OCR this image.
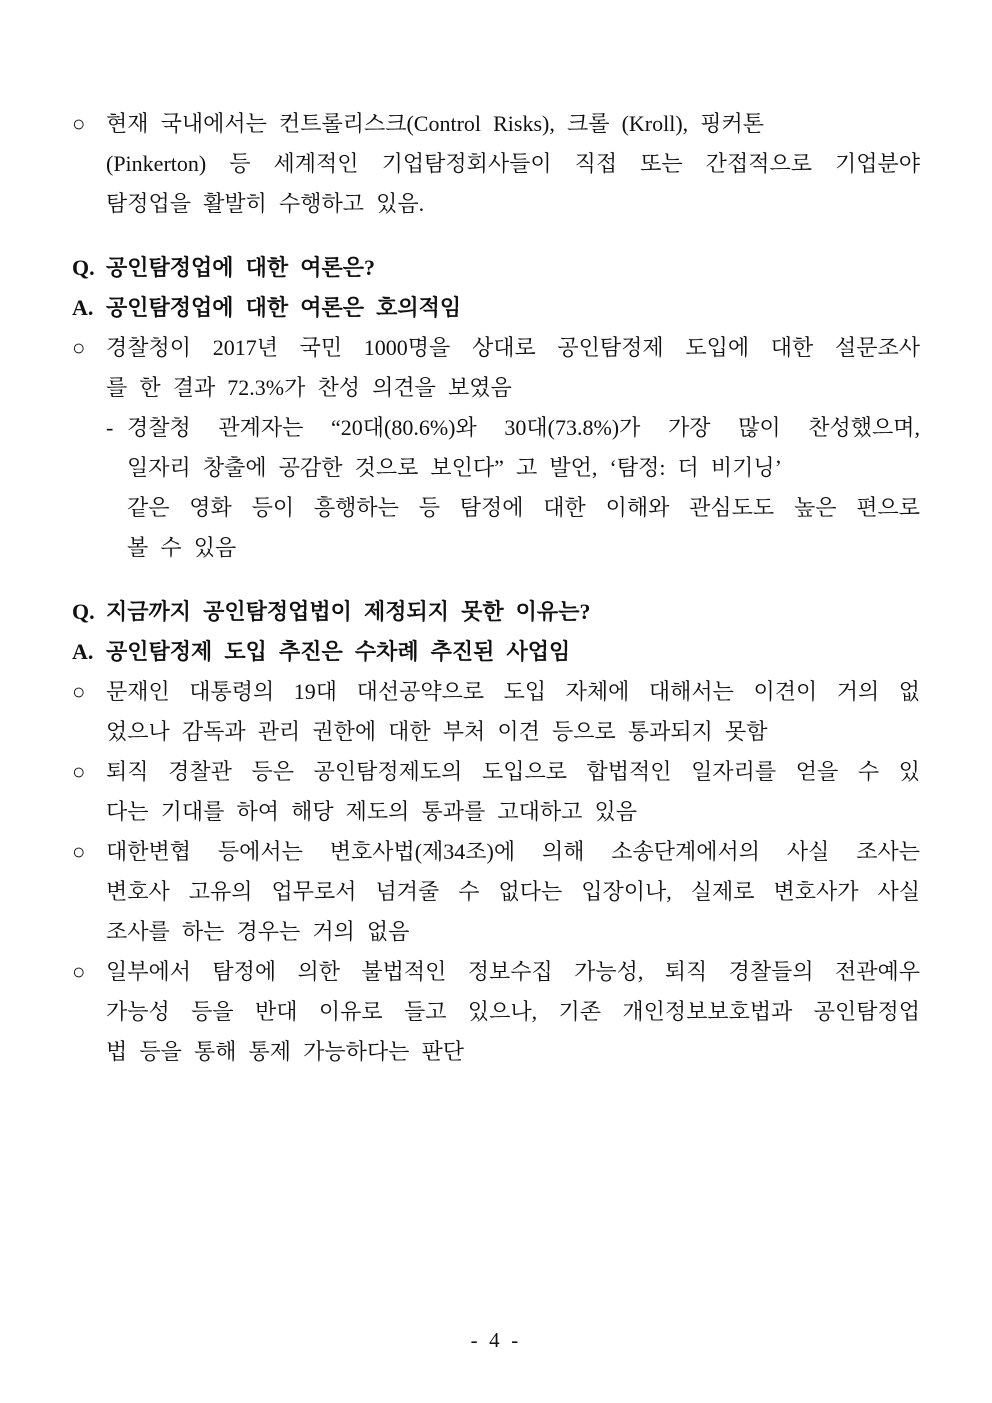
○ 현재 국내에서는 컨트롤리스크(Control Risks), 크롤 (Kroll), 핑커톤
(Pinkerton) 등 세계적인 기업탐정회사들이 직접 또는 간접적으로 기업분야
탐정업을 활발히 수행하고 있음.
Q. 공인탐정업에 대한 여론은?
A. 공인탐정업에 대한 여론은 호의적임
○ 경찰청이 2017년 국민 1000명을 상대로 공인탐정제 도입에 대한 설문조사
를 한 결과 72.3%가 찬성 의견을 보였음
- 경찰청 관계자는 “20대(80.6%)와 30대(73.8%)가 가장 많이 찬성했으며,
일자리 창출에 공감한 것으로 보인다” 고 발언, ‘탐정: 더 비기닝’
같은 영화 등이 흥행하는 등 탐정에 대한 이해와 관심도도 높은 편으로
볼 수 있음
Q. 지금까지 공인탐정업법이 제정되지 못한 이유는?
A. 공인탐정제 도입 추진은 수차례 추진된 사업임
○ 문재인 대통령의 19대 대선공약으로 도입 자체에 대해서는 이견이 거의 없
었으나 감독과 관리 권한에 대한 부처 이견 등으로 통과되지 못함
○ 퇴직 경찰관 등은 공인탐정제도의 도입으로 합법적인 일자리를 얻을 수 있
다는 기대를 하여 해당 제도의 통과를 고대하고 있음
○ 대한변협 등에서는 변호사법(제34조)에 의해 소송단계에서의 사실 조사는
변호사 고유의 업무로서 넘겨줄 수 없다는 입장이나, 실제로 변호사가 사실
조사를 하는 경우는 거의 없음
○ 일부에서 탐정에 의한 불법적인 정보수집 가능성, 퇴직 경찰들의 전관예우
가능성 등을 반대 이유로 들고 있으나, 기존 개인정보보호법과 공인탐정업
법 등을 통해 통제 가능하다는 판단
- 4 -
